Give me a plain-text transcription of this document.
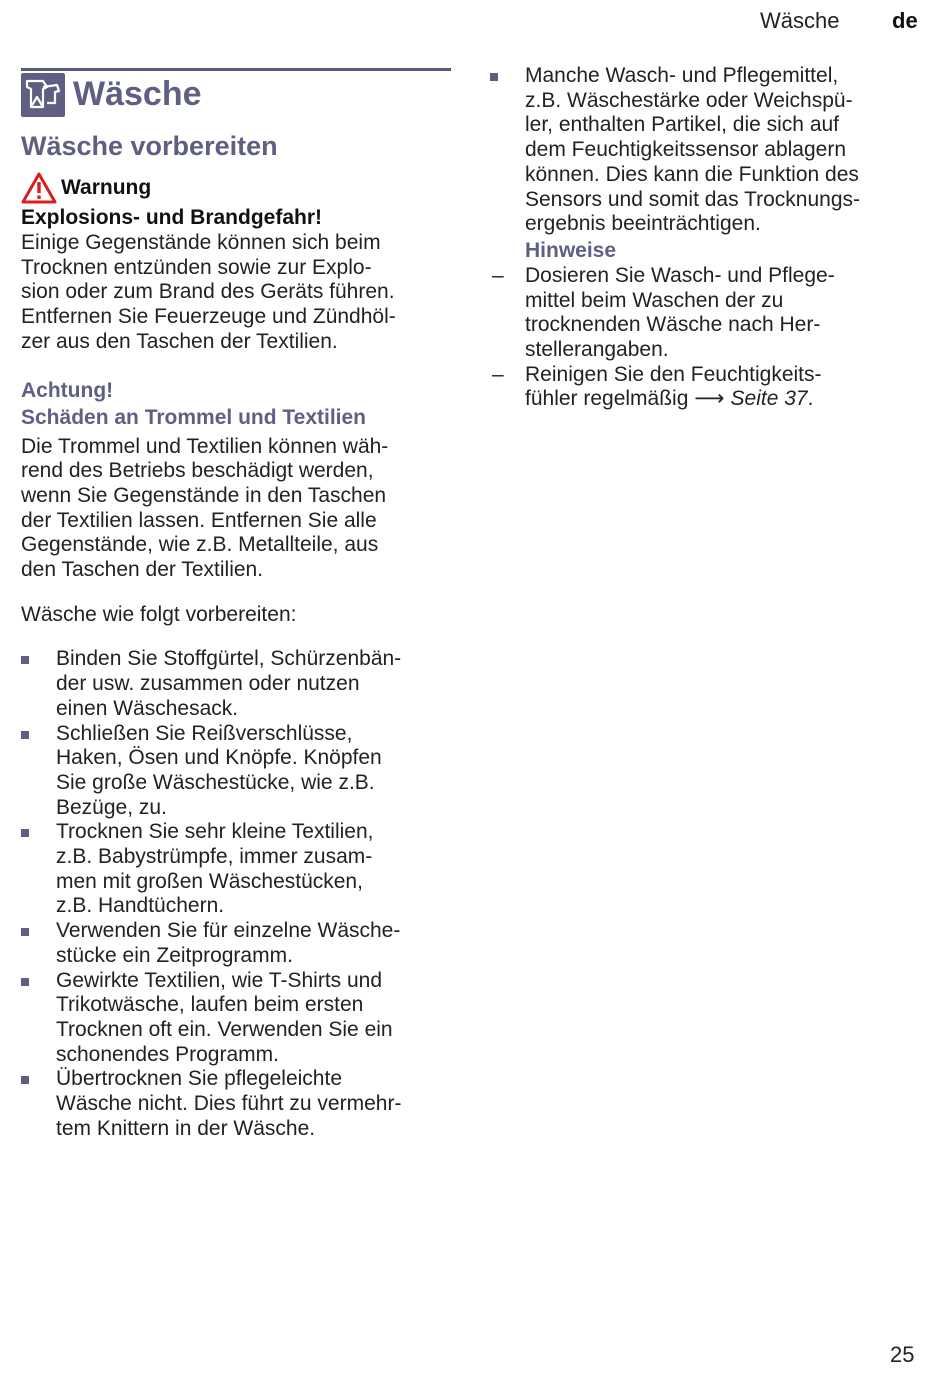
Wäsche de
Wäsche
Wäsche vorbereiten
Warnung
Explosions- und Brandgefahr!

Einige Gegenstände können sich beim
Trocknen entzünden sowie zur Explo-
sion oder zum Brand des Geräts führen.
Entfernen Sie Feuerzeuge und Zündhöl-
zer aus den Taschen der Textilien.

Achtung!
Schäden an Trommel und Textilien

Die Trommel und Textilien können wäh-
rend des Betriebs beschädigt werden,
wenn Sie Gegenstände in den Taschen
der Textilien lassen. Entfernen Sie alle
Gegenstände, wie z.B. Metallteile, aus
den Taschen der Textilien.

Wäsche wie folgt vorbereiten:

Binden Sie Stoffgürtel, Schürzenbän-
der usw. zusammen oder nutzen
einen Wäschesack.
Schließen Sie Reißverschlüsse,
Haken, Ösen und Knöpfe. Knöpfen
Sie große Wäschestücke, wie z.B.
Bezüge, zu.
Trocknen Sie sehr kleine Textilien,
z.B. Babystrümpfe, immer zusam-
men mit großen Wäschestücken,
z.B. Handtüchern.
Verwenden Sie für einzelne Wäsche-
stücke ein Zeitprogramm.
Gewirkte Textilien, wie T-Shirts und
Trikotwäsche, laufen beim ersten
Trocknen oft ein. Verwenden Sie ein
schonendes Programm.
Übertrocknen Sie pflegeleichte
Wäsche nicht. Dies führt zu vermehr-
tem Knittern in der Wäsche.
Manche Wasch- und Pflegemittel,
z.B. Wäschestärke oder Weichspü-
ler, enthalten Partikel, die sich auf
dem Feuchtigkeitssensor ablagern
können. Dies kann die Funktion des
Sensors und somit das Trocknungs-
ergebnis beeinträchtigen.
Hinweise
– Dosieren Sie Wasch- und Pflege-
mittel beim Waschen der zu
trocknenden Wäsche nach Her-
stellerangaben.
– Reinigen Sie den Feuchtigkeits-
fühler regelmäßig ⟶ Seite 37.
25
